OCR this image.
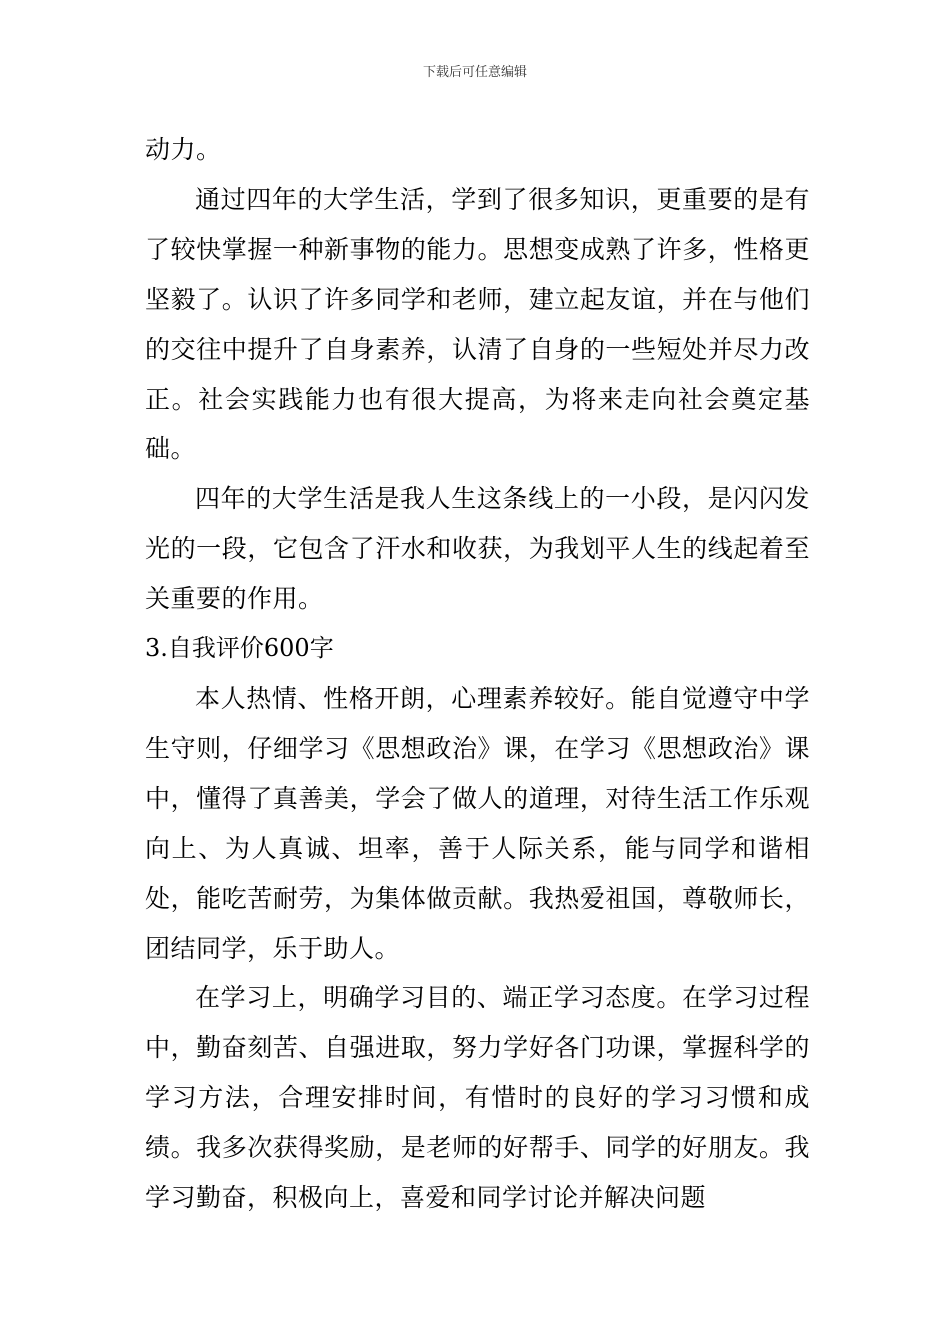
下载后可任意编辑

动力。

通过四年的大学生活，学到了很多知识，更重要的是有了较快掌握一种新事物的能力。思想变成熟了许多，性格更坚毅了。认识了许多同学和老师，建立起友谊，并在与他们的交往中提升了自身素养，认清了自身的一些短处并尽力改正。社会实践能力也有很大提高，为将来走向社会奠定基础。

四年的大学生活是我人生这条线上的一小段，是闪闪发光的一段，它包含了汗水和收获，为我划平人生的线起着至关重要的作用。

3.自我评价600字

本人热情、性格开朗，心理素养较好。能自觉遵守中学生守则，仔细学习《思想政治》课，在学习《思想政治》课中，懂得了真善美，学会了做人的道理，对待生活工作乐观向上、为人真诚、坦率，善于人际关系，能与同学和谐相处，能吃苦耐劳，为集体做贡献。我热爱祖国，尊敬师长，团结同学，乐于助人。

在学习上，明确学习目的、端正学习态度。在学习过程中，勤奋刻苦、自强进取，努力学好各门功课，掌握科学的学习方法，合理安排时间，有惜时的良好的学习习惯和成绩。我多次获得奖励，是老师的好帮手、同学的好朋友。我学习勤奋，积极向上，喜爱和同学讨论并解决问题
